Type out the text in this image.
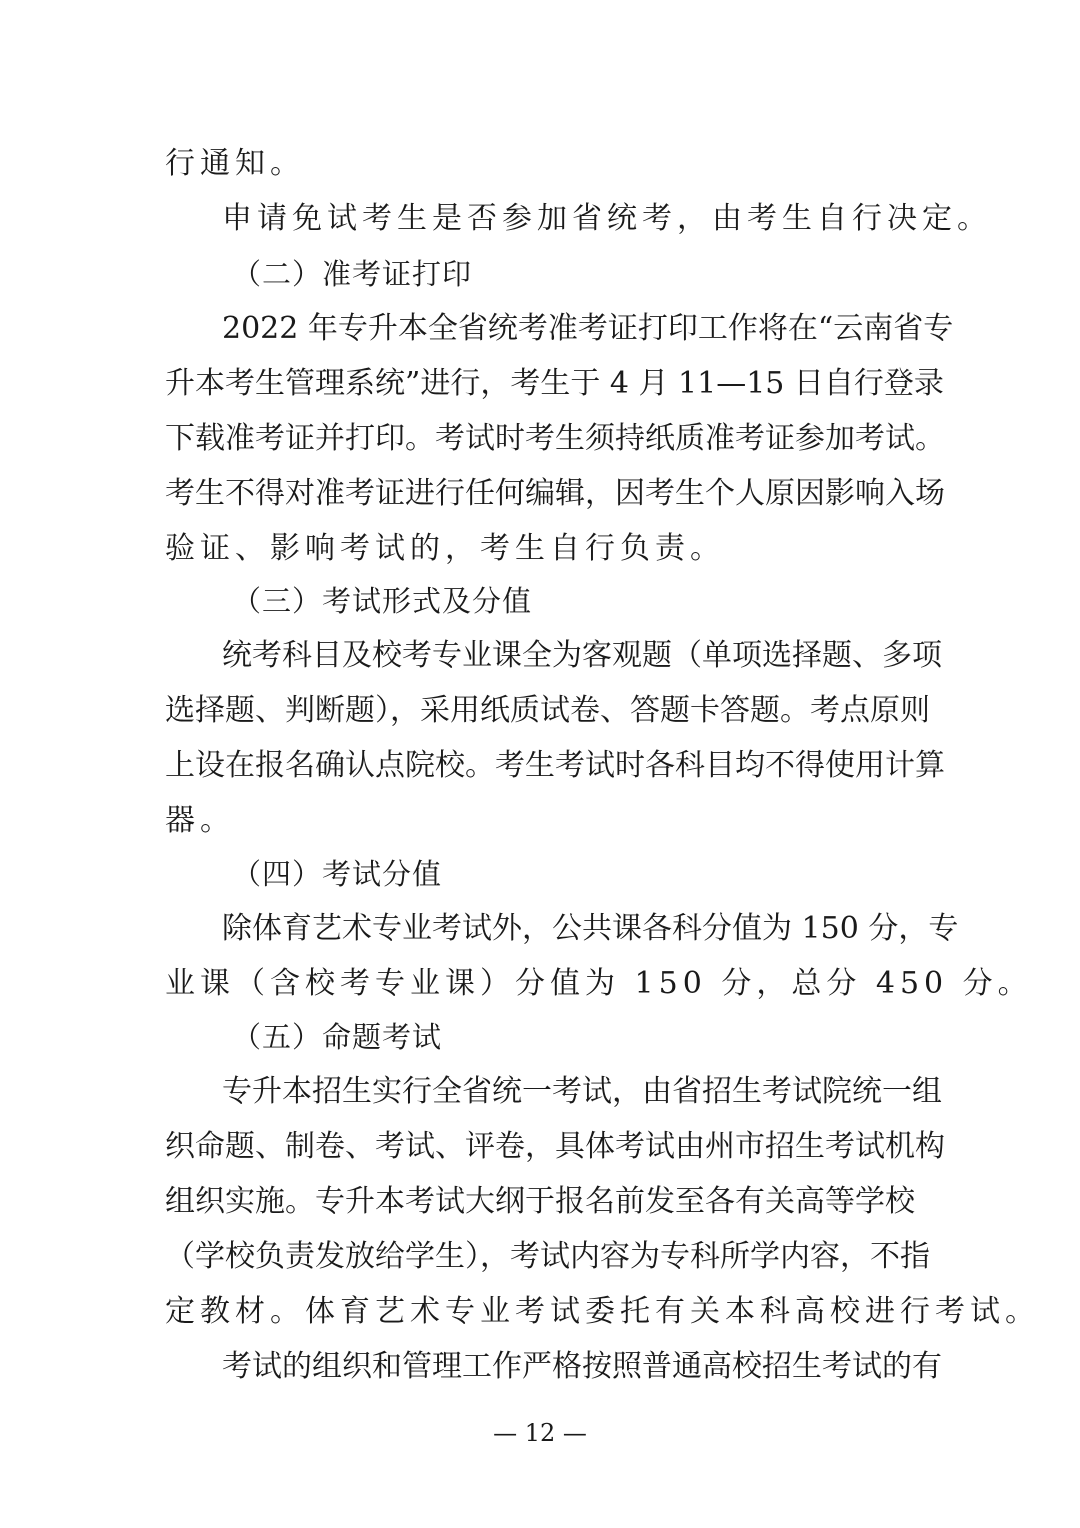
行通知。
申请免试考生是否参加省统考，由考生自行决定。
（二）准考证打印
2022 年专升本全省统考准考证打印工作将在“云南省专
升本考生管理系统”进行，考生于 4 月 11—15 日自行登录
下载准考证并打印。考试时考生须持纸质准考证参加考试。
考生不得对准考证进行任何编辑，因考生个人原因影响入场
验证、影响考试的，考生自行负责。
（三）考试形式及分值
统考科目及校考专业课全为客观题（单项选择题、多项
选择题、判断题），采用纸质试卷、答题卡答题。考点原则
上设在报名确认点院校。考生考试时各科目均不得使用计算
器。
（四）考试分值
除体育艺术专业考试外，公共课各科分值为 150 分，专
业课（含校考专业课）分值为 150 分，总分 450 分。
（五）命题考试
专升本招生实行全省统一考试，由省招生考试院统一组
织命题、制卷、考试、评卷，具体考试由州市招生考试机构
组织实施。专升本考试大纲于报名前发至各有关高等学校
（学校负责发放给学生），考试内容为专科所学内容，不指
定教材。体育艺术专业考试委托有关本科高校进行考试。
考试的组织和管理工作严格按照普通高校招生考试的有
— 12 —
